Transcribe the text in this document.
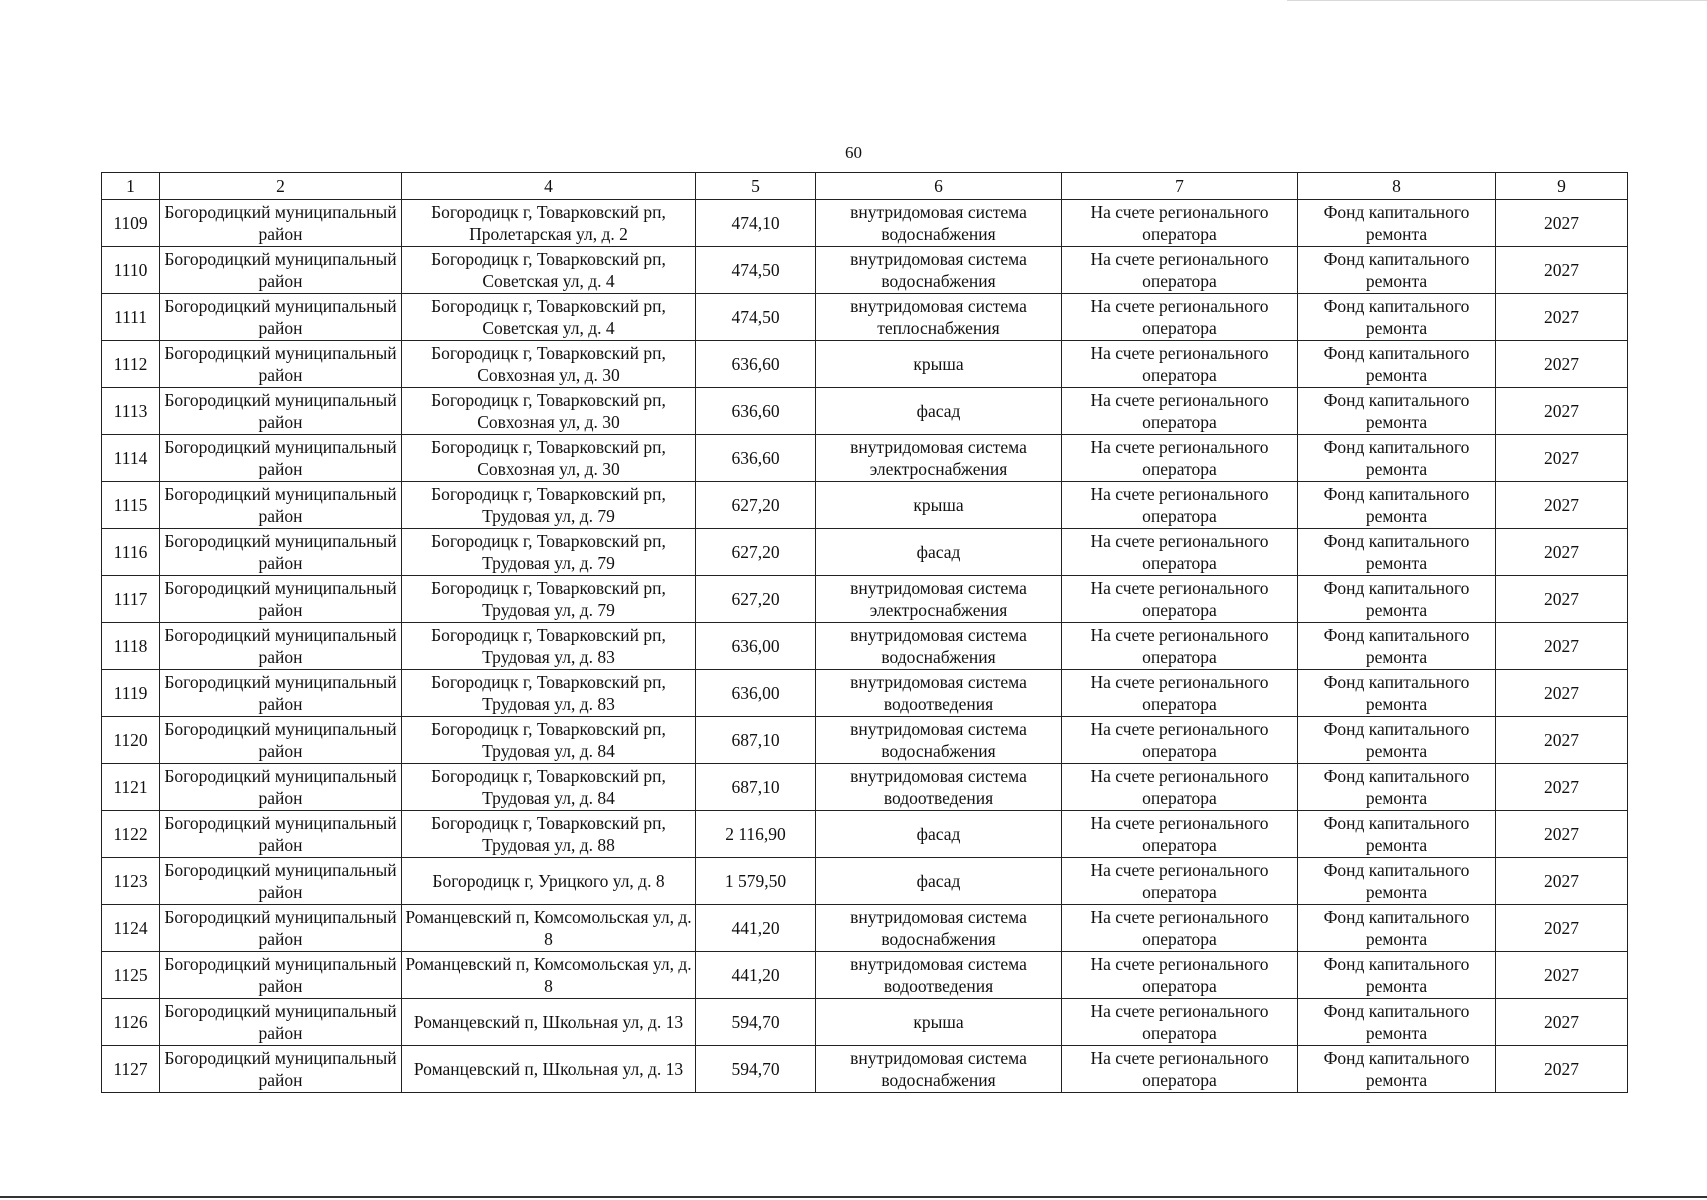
60
1	2	4	5	6	7	8	9
1109	Богородицкий муниципальный район	Богородицк г, Товарковский рп, Пролетарская ул, д. 2	474,10	внутридомовая система водоснабжения	На счете регионального оператора	Фонд капитального ремонта	2027
1110	Богородицкий муниципальный район	Богородицк г, Товарковский рп, Советская ул, д. 4	474,50	внутридомовая система водоснабжения	На счете регионального оператора	Фонд капитального ремонта	2027
1111	Богородицкий муниципальный район	Богородицк г, Товарковский рп, Советская ул, д. 4	474,50	внутридомовая система теплоснабжения	На счете регионального оператора	Фонд капитального ремонта	2027
1112	Богородицкий муниципальный район	Богородицк г, Товарковский рп, Совхозная ул, д. 30	636,60	крыша	На счете регионального оператора	Фонд капитального ремонта	2027
1113	Богородицкий муниципальный район	Богородицк г, Товарковский рп, Совхозная ул, д. 30	636,60	фасад	На счете регионального оператора	Фонд капитального ремонта	2027
1114	Богородицкий муниципальный район	Богородицк г, Товарковский рп, Совхозная ул, д. 30	636,60	внутридомовая система электроснабжения	На счете регионального оператора	Фонд капитального ремонта	2027
1115	Богородицкий муниципальный район	Богородицк г, Товарковский рп, Трудовая ул, д. 79	627,20	крыша	На счете регионального оператора	Фонд капитального ремонта	2027
1116	Богородицкий муниципальный район	Богородицк г, Товарковский рп, Трудовая ул, д. 79	627,20	фасад	На счете регионального оператора	Фонд капитального ремонта	2027
1117	Богородицкий муниципальный район	Богородицк г, Товарковский рп, Трудовая ул, д. 79	627,20	внутридомовая система электроснабжения	На счете регионального оператора	Фонд капитального ремонта	2027
1118	Богородицкий муниципальный район	Богородицк г, Товарковский рп, Трудовая ул, д. 83	636,00	внутридомовая система водоснабжения	На счете регионального оператора	Фонд капитального ремонта	2027
1119	Богородицкий муниципальный район	Богородицк г, Товарковский рп, Трудовая ул, д. 83	636,00	внутридомовая система водоотведения	На счете регионального оператора	Фонд капитального ремонта	2027
1120	Богородицкий муниципальный район	Богородицк г, Товарковский рп, Трудовая ул, д. 84	687,10	внутридомовая система водоснабжения	На счете регионального оператора	Фонд капитального ремонта	2027
1121	Богородицкий муниципальный район	Богородицк г, Товарковский рп, Трудовая ул, д. 84	687,10	внутридомовая система водоотведения	На счете регионального оператора	Фонд капитального ремонта	2027
1122	Богородицкий муниципальный район	Богородицк г, Товарковский рп, Трудовая ул, д. 88	2 116,90	фасад	На счете регионального оператора	Фонд капитального ремонта	2027
1123	Богородицкий муниципальный район	Богородицк г, Урицкого ул, д. 8	1 579,50	фасад	На счете регионального оператора	Фонд капитального ремонта	2027
1124	Богородицкий муниципальный район	Романцевский п, Комсомольская ул, д. 8	441,20	внутридомовая система водоснабжения	На счете регионального оператора	Фонд капитального ремонта	2027
1125	Богородицкий муниципальный район	Романцевский п, Комсомольская ул, д. 8	441,20	внутридомовая система водоотведения	На счете регионального оператора	Фонд капитального ремонта	2027
1126	Богородицкий муниципальный район	Романцевский п, Школьная ул, д. 13	594,70	крыша	На счете регионального оператора	Фонд капитального ремонта	2027
1127	Богородицкий муниципальный район	Романцевский п, Школьная ул, д. 13	594,70	внутридомовая система водоснабжения	На счете регионального оператора	Фонд капитального ремонта	2027
